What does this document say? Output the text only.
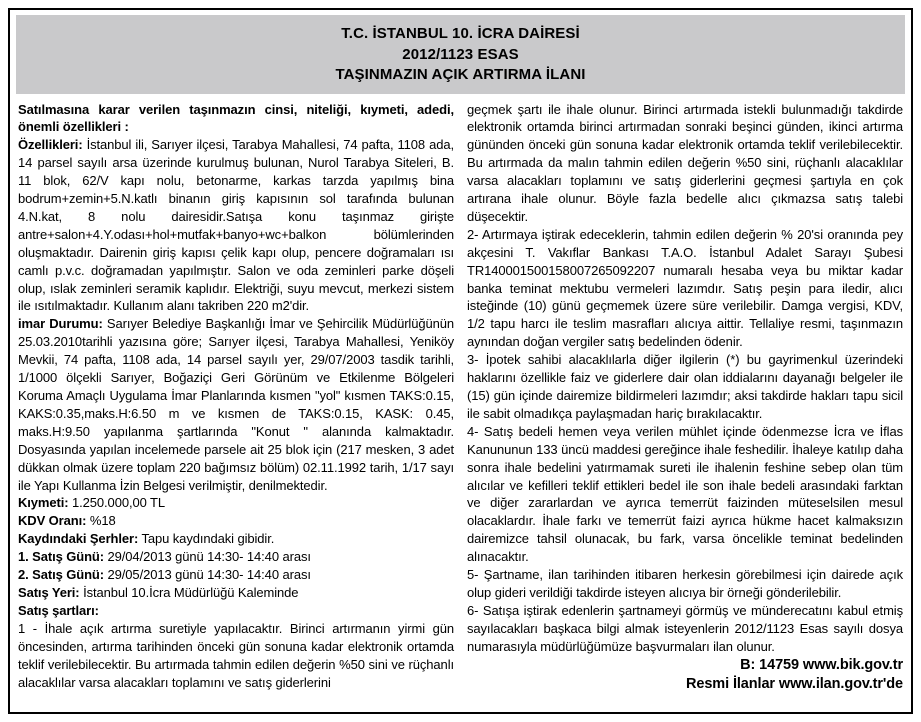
T.C. İSTANBUL 10. İCRA DAİRESİ
2012/1123 ESAS
TAŞINMAZIN AÇIK ARTIRMA İLANI

Satılmasına karar verilen taşınmazın cinsi, niteliği, kıymeti, adedi, önemli özellikleri :

Özellikleri: İstanbul ili, Sarıyer ilçesi, Tarabya Mahallesi, 74 pafta, 1108 ada, 14 parsel sayılı arsa üzerinde kurulmuş bulunan, Nurol Tarabya Siteleri, B. 11 blok, 62/V kapı nolu, betonarme, karkas tarzda yapılmış bina bodrum+zemin+5.N.katlı binanın giriş kapısının sol tarafında bulunan 4.N.kat, 8 nolu dairesidir.Satışa konu taşınmaz girişte antre+salon+4.Y.odası+hol+mutfak+banyo+wc+balkon bölümlerinden oluşmaktadır. Dairenin giriş kapısı çelik kapı olup, pencere doğramaları ısı camlı p.v.c. doğramadan yapılmıştır. Salon ve oda zeminleri parke döşeli olup, ıslak zeminleri seramik kaplıdır. Elektriği, suyu mevcut, merkezi sistem ile ısıtılmaktadır. Kullanım alanı takriben 220 m2'dir.

imar Durumu: Sarıyer Belediye Başkanlığı İmar ve Şehircilik Müdürlüğünün 25.03.2010tarihli yazısına göre; Sarıyer ilçesi, Tarabya Mahallesi, Yeniköy Mevkii, 74 pafta, 1108 ada, 14 parsel sayılı yer, 29/07/2003 tasdik tarihli, 1/1000 ölçekli Sarıyer, Boğaziçi Geri Görünüm ve Etkilenme Bölgeleri Koruma Amaçlı Uygulama İmar Planlarında kısmen "yol" kısmen TAKS:0.15, KAKS:0.35,maks.H:6.50 m ve kısmen de TAKS:0.15, KASK: 0.45, maks.H:9.50 yapılanma şartlarında "Konut " alanında kalmaktadır. Dosyasında yapılan incelemede parsele ait 25 blok için (217 mesken, 3 adet dükkan olmak üzere toplam 220 bağımsız bölüm) 02.11.1992 tarih, 1/17 sayı ile Yapı Kullanma İzin Belgesi verilmiştir, denilmektedir.

Kıymeti: 1.250.000,00 TL

KDV Oranı: %18

Kaydındaki Şerhler: Tapu kaydındaki gibidir.

1. Satış Günü: 29/04/2013 günü 14:30- 14:40 arası

2. Satış Günü: 29/05/2013 günü 14:30- 14:40 arası

Satış Yeri: İstanbul 10.İcra Müdürlüğü Kaleminde

Satış şartları:

1 - İhale açık artırma suretiyle yapılacaktır. Birinci artırmanın yirmi gün öncesinden, artırma tarihinden önceki gün sonuna kadar elektronik ortamda teklif verilebilecektir. Bu artırmada tahmin edilen değerin %50 sini ve rüçhanlı alacaklılar varsa alacakları toplamını ve satış giderlerini

geçmek şartı ile ihale olunur. Birinci artırmada istekli bulunmadığı takdirde elektronik ortamda birinci artırmadan sonraki beşinci günden, ikinci artırma gününden önceki gün sonuna kadar elektronik ortamda teklif verilebilecektir. Bu artırmada da malın tahmin edilen değerin %50 sini, rüçhanlı alacaklılar varsa alacakları toplamını ve satış giderlerini geçmesi şartıyla en çok artırana ihale olunur. Böyle fazla bedelle alıcı çıkmazsa satış talebi düşecektir.

2- Artırmaya iştirak edeceklerin, tahmin edilen değerin % 20'si oranında pey akçesini T. Vakıflar Bankası T.A.O. İstanbul Adalet Sarayı Şubesi TR140001500158007265092207 numaralı hesaba veya bu miktar kadar banka teminat mektubu vermeleri lazımdır. Satış peşin para iledir, alıcı isteğinde (10) günü geçmemek üzere süre verilebilir. Damga vergisi, KDV, 1/2 tapu harcı ile teslim masrafları alıcıya aittir. Tellaliye resmi, taşınmazın aynından doğan vergiler satış bedelinden ödenir.

3- İpotek sahibi alacaklılarla diğer ilgilerin (*) bu gayrimenkul üzerindeki haklarını özellikle faiz ve giderlere dair olan iddialarını dayanağı belgeler ile (15) gün içinde dairemize bildirmeleri lazımdır; aksi takdirde hakları tapu sicil ile sabit olmadıkça paylaşmadan hariç bırakılacaktır.

4- Satış bedeli hemen veya verilen mühlet içinde ödenmezse İcra ve İflas Kanununun 133 üncü maddesi gereğince ihale feshedilir. İhaleye katılıp daha sonra ihale bedelini yatırmamak sureti ile ihalenin feshine sebep olan tüm alıcılar ve kefilleri teklif ettikleri bedel ile son ihale bedeli arasındaki farktan ve diğer zararlardan ve ayrıca temerrüt faizinden müteselsilen mesul olacaklardır. İhale farkı ve temerrüt faizi ayrıca hükme hacet kalmaksızın dairemizce tahsil olunacak, bu fark, varsa öncelikle teminat bedelinden alınacaktır.

5- Şartname, ilan tarihinden itibaren herkesin görebilmesi için dairede açık olup gideri verildiği takdirde isteyen alıcıya bir örneği gönderilebilir.

6- Satışa iştirak edenlerin şartnameyi görmüş ve münderecatını kabul etmiş sayılacakları başkaca bilgi almak isteyenlerin 2012/1123 Esas sayılı dosya numarasıyla müdürlüğümüze başvurmaları ilan olunur.

B: 14759 www.bik.gov.tr

Resmi İlanlar www.ilan.gov.tr'de
